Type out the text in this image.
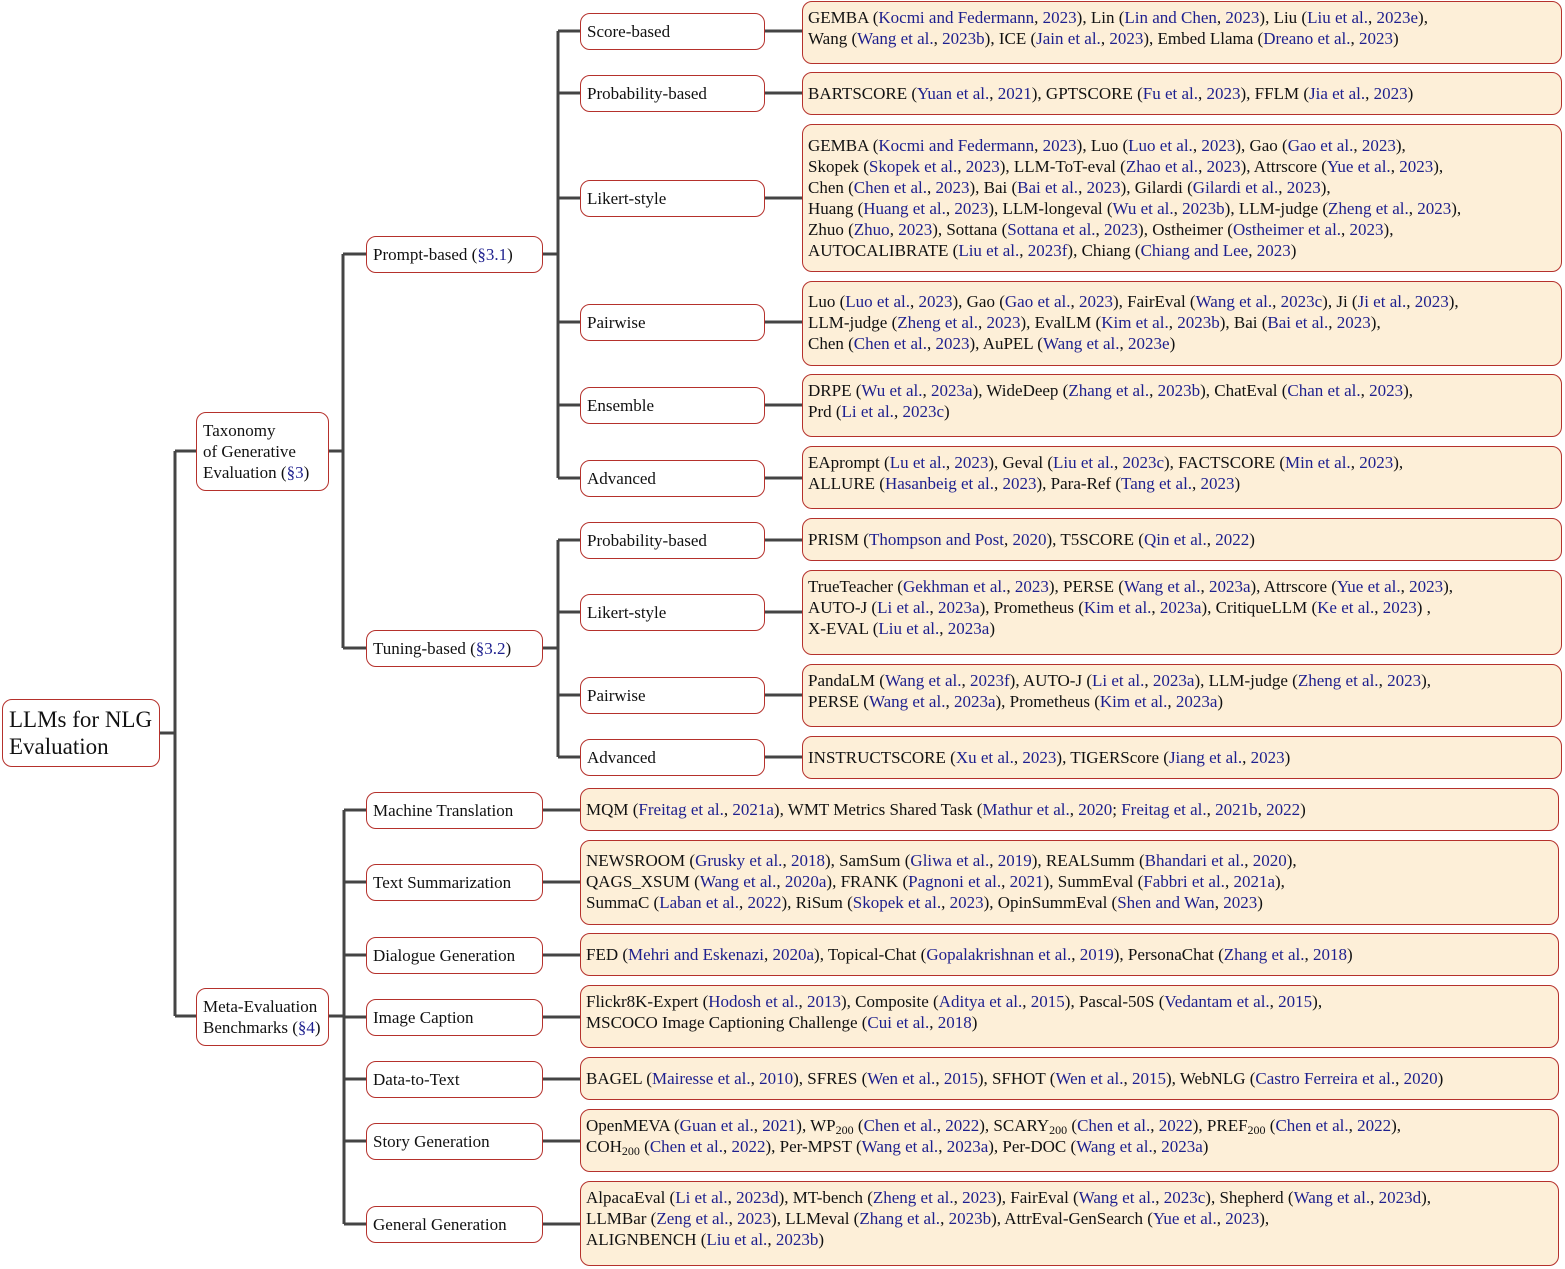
LLMs for NLG
Evaluation
Taxonomy
of Generative
Evaluation (§3)
Prompt-based ( §3.1 )
Tuning-based ( §3.2 )
Meta-Evaluation
Benchmarks (§4)
Score-based
Probability-based
Likert-style
Pairwise
Ensemble
Advanced
Probability-based
Likert-style
Pairwise
Advanced
Machine Translation
Text Summarization
Dialogue Generation
Image Caption
Data-to-Text
Story Generation
General Generation
GEMBA (Kocmi and Federmann, 2023), Lin (Lin and Chen, 2023), Liu (Liu et al., 2023e),
Wang (Wang et al., 2023b), ICE (Jain et al., 2023), Embed Llama (Dreano et al., 2023)
BARTSCORE (Yuan et al., 2021), GPTSCORE (Fu et al., 2023), FFLM (Jia et al., 2023)
GEMBA (Kocmi and Federmann, 2023), Luo (Luo et al., 2023), Gao (Gao et al., 2023),
Skopek (Skopek et al., 2023), LLM-ToT-eval (Zhao et al., 2023), Attrscore (Yue et al., 2023),
Chen (Chen et al., 2023), Bai (Bai et al., 2023), Gilardi (Gilardi et al., 2023),
Huang (Huang et al., 2023), LLM-longeval (Wu et al., 2023b), LLM-judge (Zheng et al., 2023),
Zhuo (Zhuo, 2023), Sottana (Sottana et al., 2023), Ostheimer (Ostheimer et al., 2023),
AUTOCALIBRATE (Liu et al., 2023f), Chiang (Chiang and Lee, 2023)
Luo (Luo et al., 2023), Gao (Gao et al., 2023), FairEval (Wang et al., 2023c), Ji (Ji et al., 2023),
LLM-judge (Zheng et al., 2023), EvalLM (Kim et al., 2023b), Bai (Bai et al., 2023),
Chen (Chen et al., 2023), AuPEL (Wang et al., 2023e)
DRPE (Wu et al., 2023a), WideDeep (Zhang et al., 2023b), ChatEval (Chan et al., 2023),
Prd (Li et al., 2023c)
EAprompt (Lu et al., 2023), Geval (Liu et al., 2023c), FACTSCORE (Min et al., 2023),
ALLURE (Hasanbeig et al., 2023), Para-Ref (Tang et al., 2023)
PRISM (Thompson and Post, 2020), T5SCORE (Qin et al., 2022)
TrueTeacher (Gekhman et al., 2023), PERSE (Wang et al., 2023a), Attrscore (Yue et al., 2023),
AUTO-J (Li et al., 2023a), Prometheus (Kim et al., 2023a), CritiqueLLM (Ke et al., 2023) ,
X-EVAL (Liu et al., 2023a)
PandaLM (Wang et al., 2023f), AUTO-J (Li et al., 2023a), LLM-judge (Zheng et al., 2023),
PERSE (Wang et al., 2023a), Prometheus (Kim et al., 2023a)
INSTRUCTSCORE (Xu et al., 2023), TIGERScore (Jiang et al., 2023)
MQM (Freitag et al., 2021a), WMT Metrics Shared Task (Mathur et al., 2020; Freitag et al., 2021b, 2022)
NEWSROOM (Grusky et al., 2018), SamSum (Gliwa et al., 2019), REALSumm (Bhandari et al., 2020),
QAGS_XSUM (Wang et al., 2020a), FRANK (Pagnoni et al., 2021), SummEval (Fabbri et al., 2021a),
SummaC (Laban et al., 2022), RiSum (Skopek et al., 2023), OpinSummEval (Shen and Wan, 2023)
FED (Mehri and Eskenazi, 2020a), Topical-Chat (Gopalakrishnan et al., 2019), PersonaChat (Zhang et al., 2018)
Flickr8K-Expert (Hodosh et al., 2013), Composite (Aditya et al., 2015), Pascal-50S (Vedantam et al., 2015),
MSCOCO Image Captioning Challenge (Cui et al., 2018)
BAGEL (Mairesse et al., 2010), SFRES (Wen et al., 2015), SFHOT (Wen et al., 2015), WebNLG (Castro Ferreira et al., 2020)
OpenMEVA (Guan et al., 2021), $WP_{200}$ (Chen et al., 2022), $SCARY_{200}$ (Chen et al., 2022), $PREF_{200}$ (Chen et al., 2022),
$COH_{200}$ (Chen et al., 2022), Per-MPST (Wang et al., 2023a), Per-DOC (Wang et al., 2023a)
AlpacaEval (Li et al., 2023d), MT-bench (Zheng et al., 2023), FairEval (Wang et al., 2023c), Shepherd (Wang et al., 2023d),
LLMBar (Zeng et al., 2023), LLMeval (Zhang et al., 2023b), AttrEval-GenSearch (Yue et al., 2023),
ALIGNBENCH (Liu et al., 2023b)
